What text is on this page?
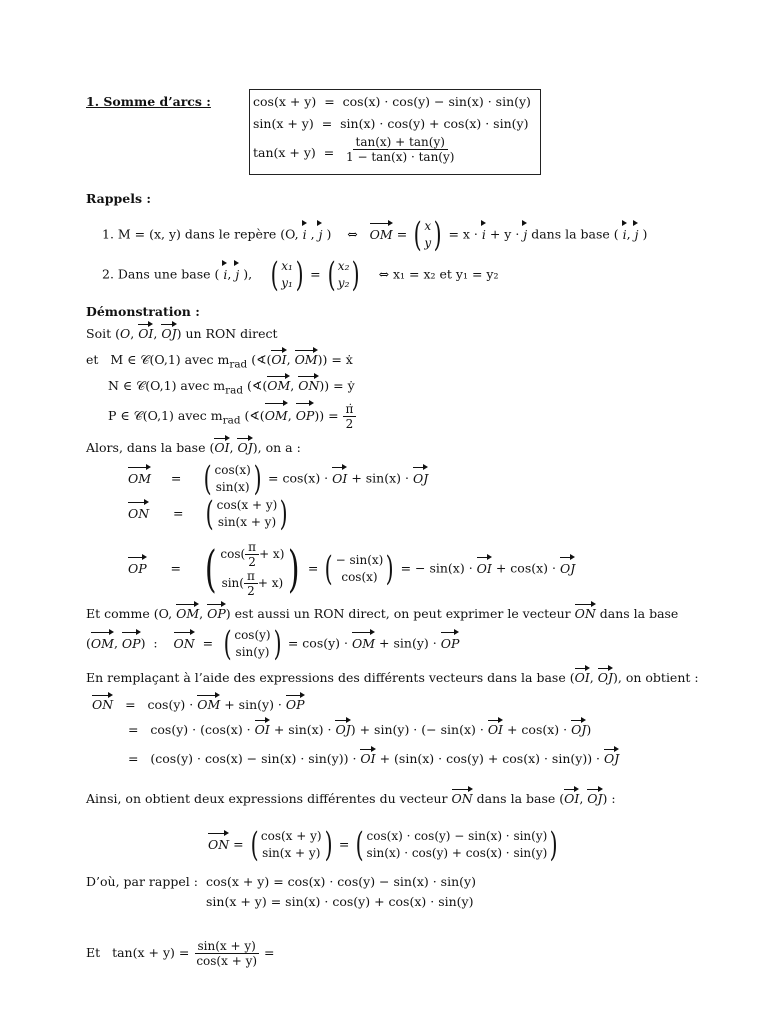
1. Somme d’arcs :	cos(x + y) = cos(x) · cos(y) − sin(x) · sin(y)
sin(x + y) = sin(x) · cos(y) + cos(x) · sin(y)
$\tan(x + y) = \frac{\tan(x) + \tan(y)}{1 - \tan(x) \cdot \tan(y)}$
Rappels :
1. M = (x, y) dans le repère (O, i , j ) ⇔ OM = ( x
y ) = x · i + y · j dans la base ( i, j )
2. Dans une base ( i, j ), ( x₁
y₁ ) = ( x₂
y₂ ) ⇔ x₁ = x₂ et y₁ = y₂
Démonstration :
Soit (O, OI, OJ) un RON direct
et M ∈ 𝒞(O,1) avec $m_{rad}$ (∢(OI, OM)) = ẋ
N ∈ 𝒞(O,1) avec $m_{rad}$ (∢(OM, ON)) = ẏ
P ∈ 𝒞(O,1) avec $m_{rad}$ (∢(OM, $OP)) = \frac{\pi̇}{2}$
Alors, dans la base (OI, OJ), on a :
OM     = ( cos(x)
sin(x) ) = cos(x) · OI + sin(x) · OJ
ON      = ( cos(x + y)
sin(x + y) )
OP      = ( $\cos( \frac{\pi}{2} + x)$
$\sin( \frac{\pi}{2} + x)$ ) = ( − sin(x)
cos(x) ) = − sin(x) · OI + cos(x) · OJ
Et comme (O, OM, OP) est aussi un RON direct, on peut exprimer le vecteur ON dans la base
(OM, OP)  : ON = ( cos(y)
sin(y) ) = cos(y) · OM + sin(y) · OP
En remplaçant à l’aide des expressions des différents vecteurs dans la base (OI, OJ), on obtient :
ON   =   cos(y) · OM + sin(y) · OP
=   cos(y) · (cos(x) · OI + sin(x) · OJ) + sin(y) · (− sin(x) · OI + cos(x) · OJ)
=   (cos(y) · cos(x) − sin(x) · sin(y)) · OI + (sin(x) · cos(y) + cos(x) · sin(y)) · OJ
Ainsi, on obtient deux expressions différentes du vecteur ON dans la base (OI, OJ) :
ON = ( cos(x + y)
sin(x + y) ) = ( cos(x) · cos(y) − sin(x) · sin(y)
sin(x) · cos(y) + cos(x) · sin(y) )
D’où, par rappel : cos(x + y) = cos(x) · cos(y) − sin(x) · sin(y)
sin(x + y) = sin(x) · cos(y) + cos(x) · sin(y)
Et $\tan(x + y) = \frac{\sin(x + y)}{\cos(x + y)}$ =
